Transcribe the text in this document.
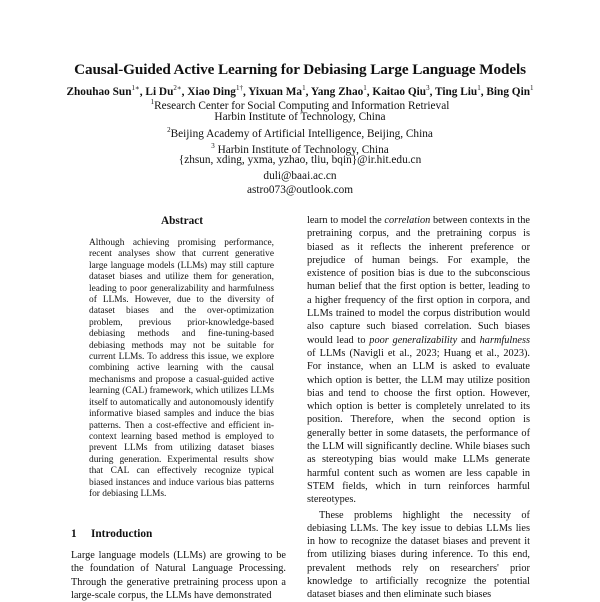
Causal-Guided Active Learning for Debiasing Large Language Models
Zhouhao Sun$^{1∗}$, Li $Du^{2∗}$, Xiao Ding$^{1\dagger}$, Yixuan Ma$^1$, Yang Zhao$^1$, Kaitao Qiu$^3$, Ting Liu$^1$, Bing Qin$^1$
$^1$Research Center for Social Computing and Information Retrieval
Harbin Institute of Technology, China
$^2$Beijing Academy of Artificial Intelligence, Beijing, China
$^3$ Harbin Institute of Technology, China
{zhsun, xding, yxma, yzhao, tliu, bqin}@ir.hit.edu.cn
duli@baai.ac.cn
astro073@outlook.com
Abstract
Although achieving promising performance, recent analyses show that current generative large language models (LLMs) may still capture dataset biases and utilize them for generation, leading to poor generalizability and harmfulness of LLMs. However, due to the diversity of dataset biases and the over-optimization problem, previous prior-knowledge-based debiasing methods and fine-tuning-based debiasing methods may not be suitable for current LLMs. To address this issue, we explore combining active learning with the causal mechanisms and propose a casual-guided active learning (CAL) framework, which utilizes LLMs itself to automatically and autonomously identify informative biased samples and induce the bias patterns. Then a cost-effective and efficient in-context learning based method is employed to prevent LLMs from utilizing dataset biases during generation. Experimental results show that CAL can effectively recognize typical biased instances and induce various bias patterns for debiasing LLMs.
1 Introduction
Large language models (LLMs) are growing to be the foundation of Natural Language Processing. Through the generative pretraining process upon a large-scale corpus, the LLMs have demonstrated

learn to model the correlation between contexts in the pretraining corpus, and the pretraining corpus is biased as it reflects the inherent preference or prejudice of human beings. For example, the existence of position bias is due to the subconscious human belief that the first option is better, leading to a higher frequency of the first option in corpora, and LLMs trained to model the corpus distribution would also capture such biased correlation. Such biases would lead to poor generalizability and harmfulness of LLMs (Navigli et al., 2023; Huang et al., 2023). For instance, when an LLM is asked to evaluate which option is better, the LLM may utilize position bias and tend to choose the first option. However, which option is better is completely unrelated to its position. Therefore, when the second option is generally better in some datasets, the performance of the LLM will significantly decline. While biases such as stereotyping bias would make LLMs generate harmful content such as women are less capable in STEM fields, which in turn reinforces harmful stereotypes.

These problems highlight the necessity of debiasing LLMs. The key issue to debias LLMs lies in how to recognize the dataset biases and prevent it from utilizing biases during inference. To this end, prevalent methods rely on researchers' prior knowledge to artificially recognize the potential dataset biases and then eliminate such biases
